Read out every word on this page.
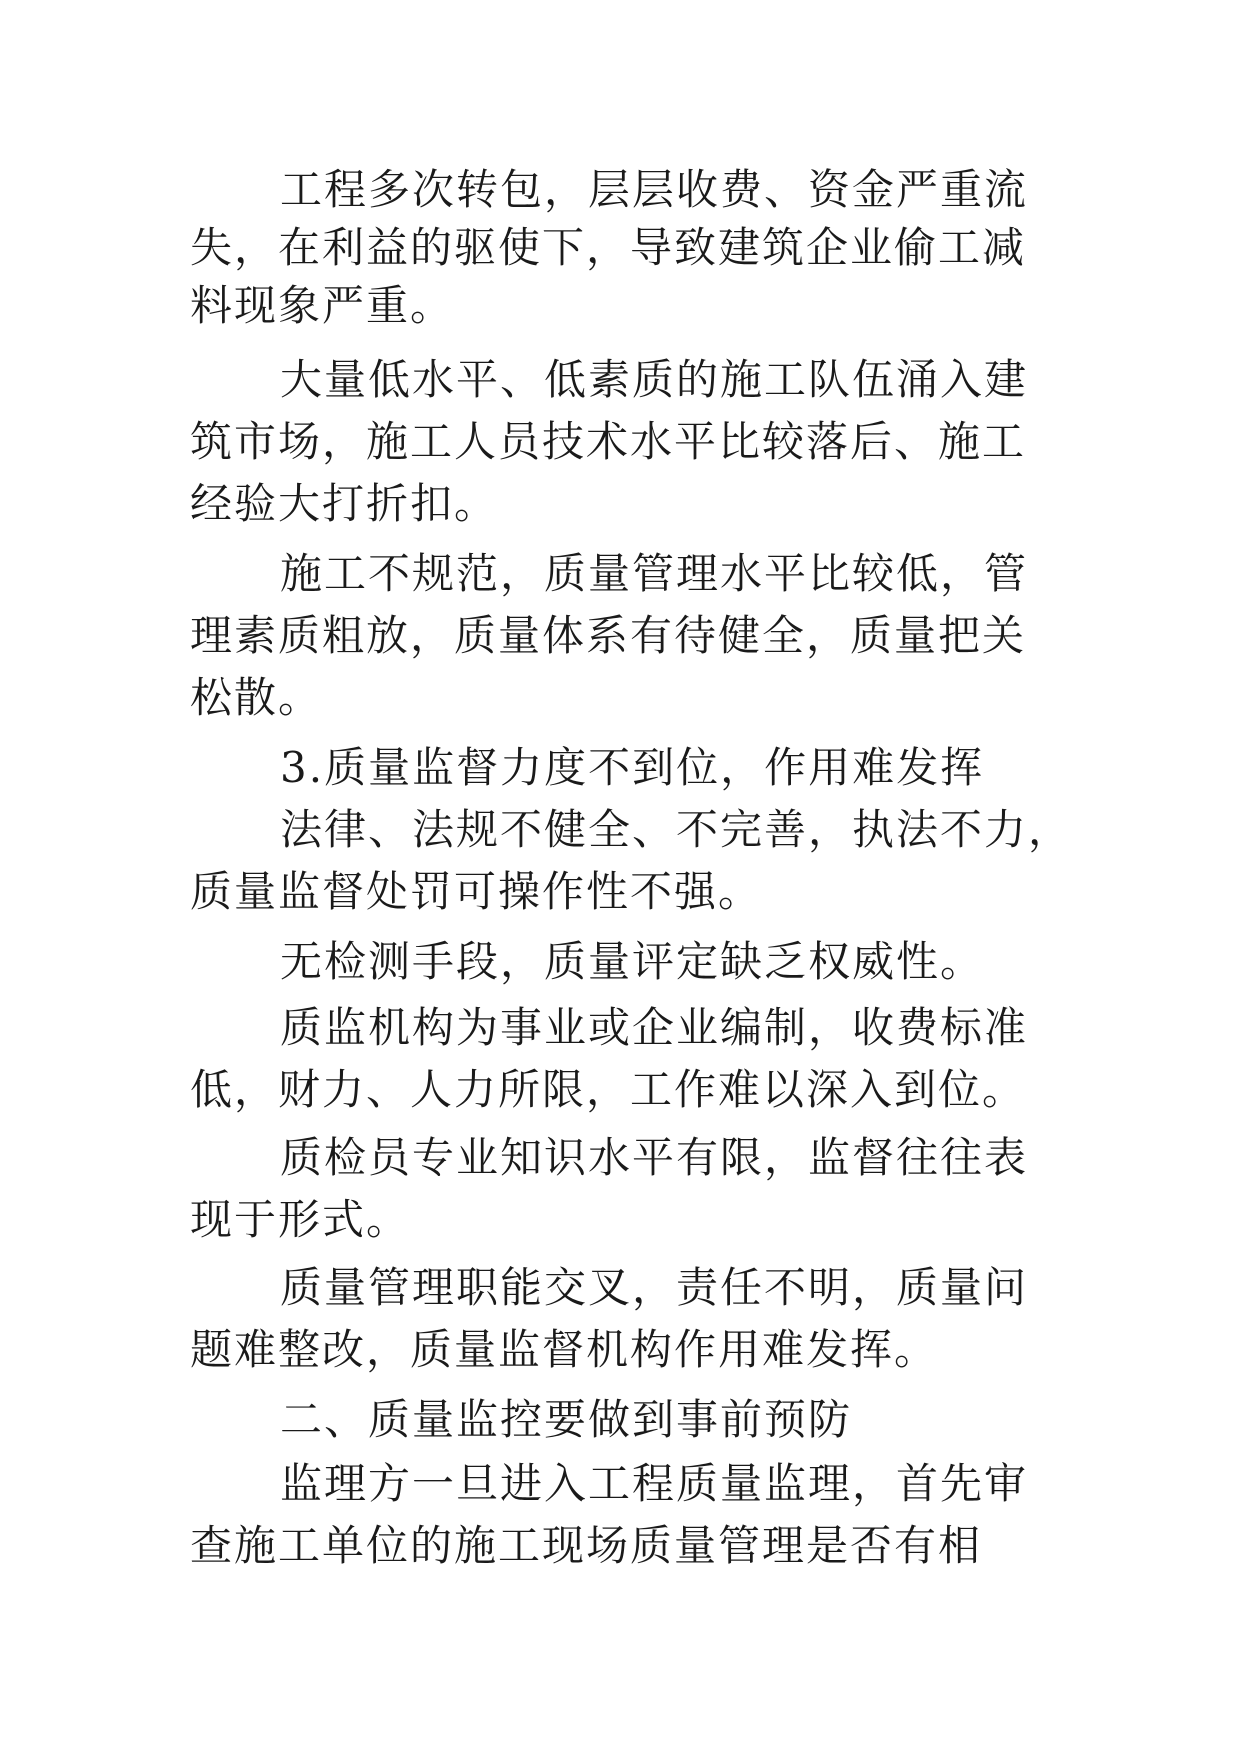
工程多次转包，层层收费、资金严重流

失，在利益的驱使下，导致建筑企业偷工减

料现象严重。

大量低水平、低素质的施工队伍涌入建

筑市场，施工人员技术水平比较落后、施工

经验大打折扣。

施工不规范，质量管理水平比较低，管

理素质粗放，质量体系有待健全，质量把关

松散。

3.质量监督力度不到位，作用难发挥

法律、法规不健全、不完善，执法不力，

质量监督处罚可操作性不强。

无检测手段，质量评定缺乏权威性。

质监机构为事业或企业编制，收费标准

低，财力、人力所限，工作难以深入到位。

质检员专业知识水平有限，监督往往表

现于形式。

质量管理职能交叉，责任不明，质量问

题难整改，质量监督机构作用难发挥。

二、质量监控要做到事前预防

监理方一旦进入工程质量监理，首先审

查施工单位的施工现场质量管理是否有相
